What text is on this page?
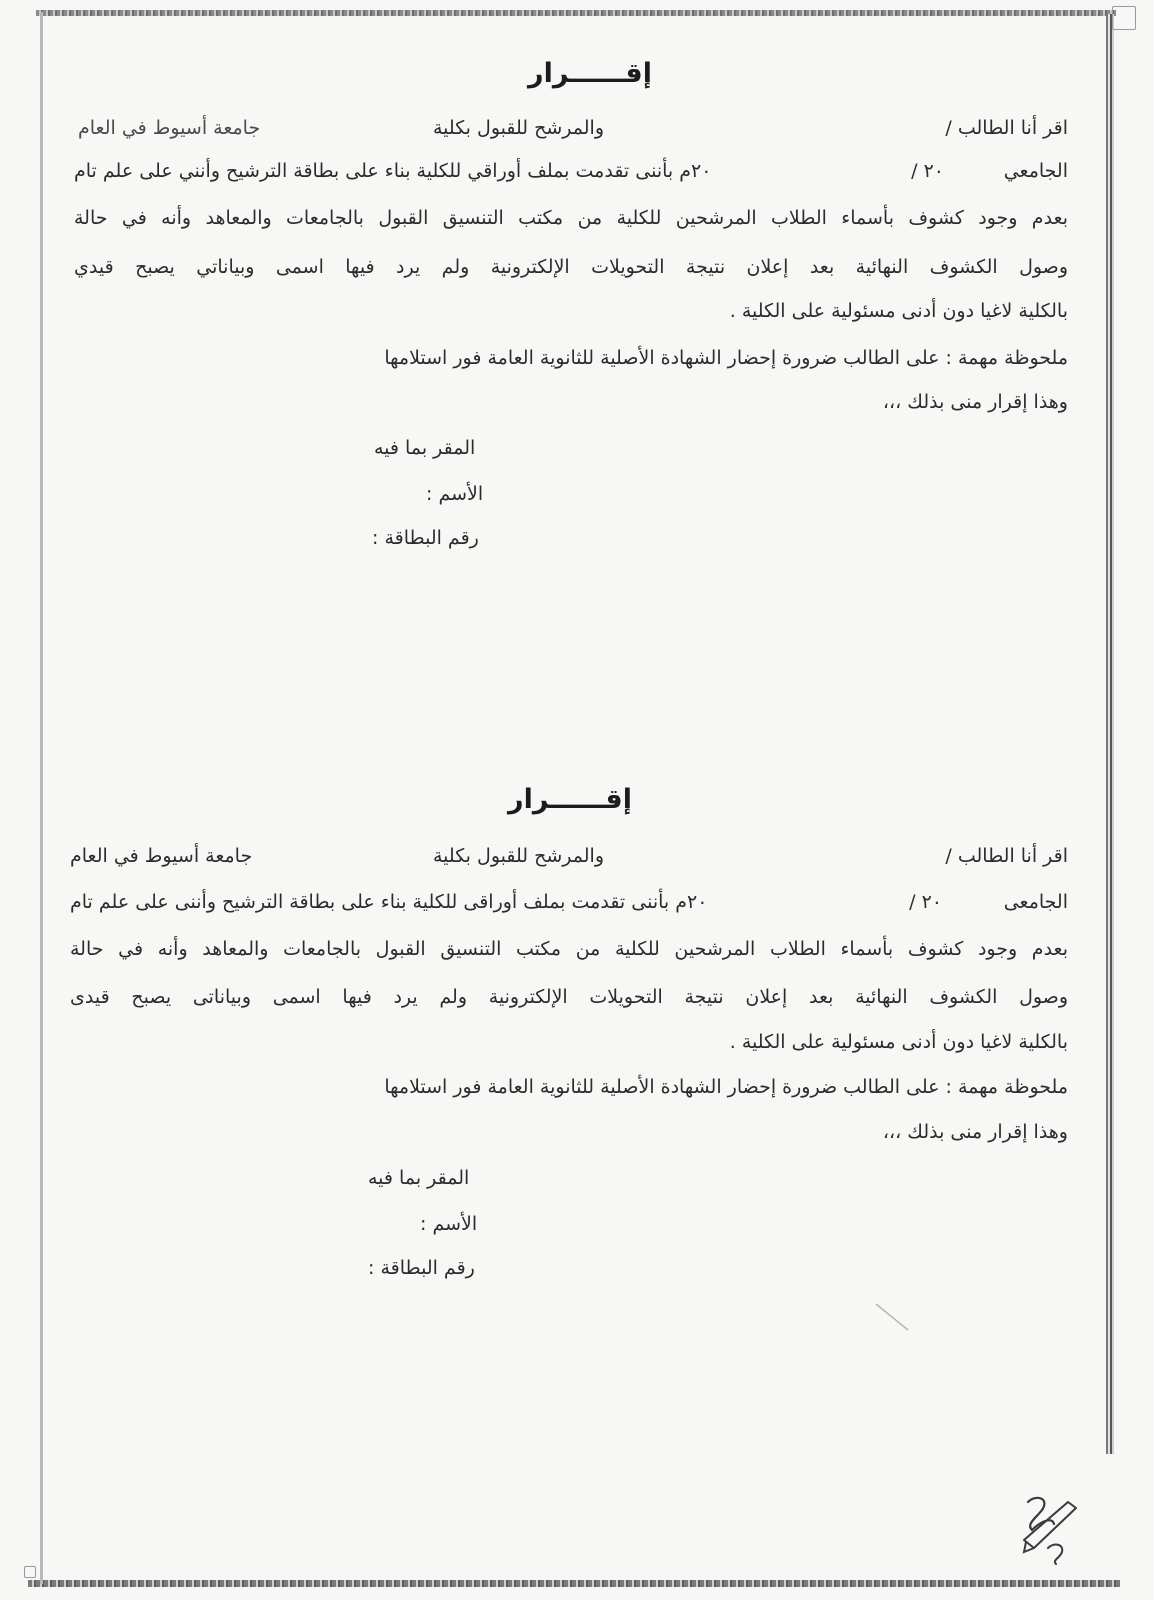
إقــــــرار
اقر أنا الطالب /
والمرشح للقبول بكلية
جامعة أسيوط في العام
الجامعي
٢٠ /
٢٠م بأننى تقدمت بملف أوراقي للكلية بناء على بطاقة الترشيح وأنني على علم تام
بعدم وجود كشوف بأسماء الطلاب المرشحين للكلية من مكتب التنسيق القبول بالجامعات والمعاهد وأنه في حالة
وصول الكشوف النهائية بعد إعلان نتيجة التحويلات الإلكترونية ولم يرد فيها اسمى وبياناتي يصبح قيدي
بالكلية لاغيا دون أدنى مسئولية على الكلية .
ملحوظة مهمة : على الطالب ضرورة إحضار الشهادة الأصلية للثانوية العامة فور استلامها
وهذا إقرار منى بذلك ،،،
المقر بما فيه
الأسم :
رقم البطاقة :
إقــــــرار
اقر أنا الطالب /
والمرشح للقبول بكلية
جامعة أسيوط في العام
الجامعى
٢٠ /
٢٠م بأننى تقدمت بملف أوراقى للكلية بناء على بطاقة الترشيح وأننى على علم تام
بعدم وجود كشوف بأسماء الطلاب المرشحين للكلية من مكتب التنسيق القبول بالجامعات والمعاهد وأنه في حالة
وصول الكشوف النهائية بعد إعلان نتيجة التحويلات الإلكترونية ولم يرد فيها اسمى وبياناتى يصبح قيدى
بالكلية لاغيا دون أدنى مسئولية على الكلية .
ملحوظة مهمة : على الطالب ضرورة إحضار الشهادة الأصلية للثانوية العامة فور استلامها
وهذا إقرار منى بذلك ،،،
المقر بما فيه
الأسم :
رقم البطاقة :
